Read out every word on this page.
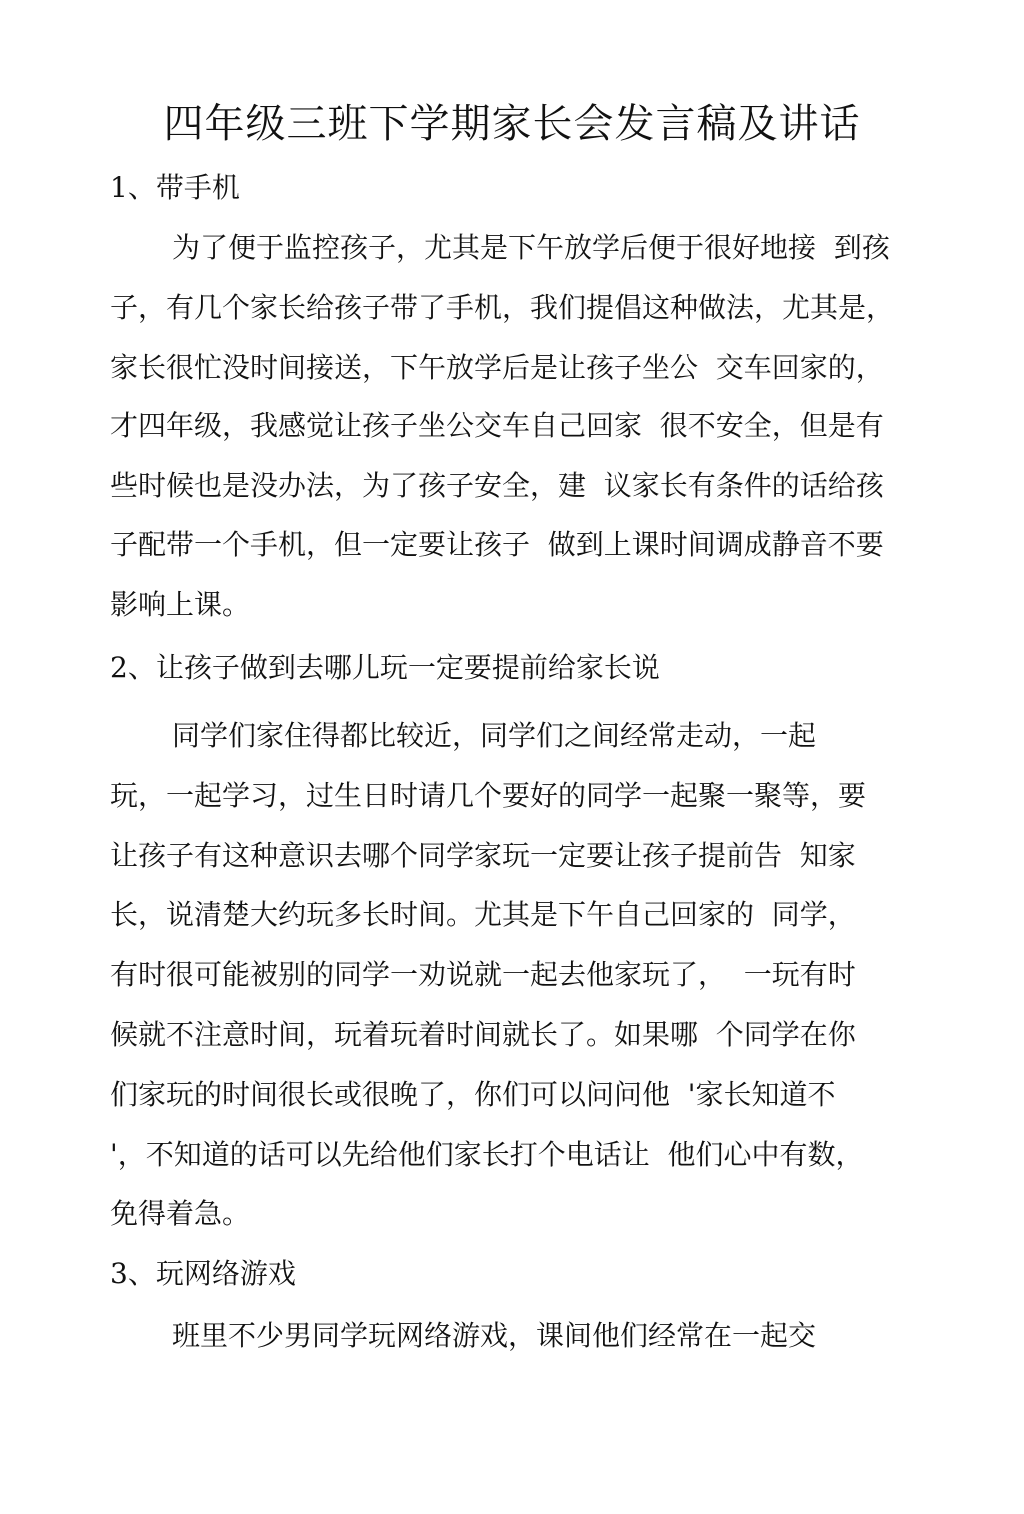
四年级三班下学期家长会发言稿及讲话
1、带手机
为了便于监控孩子，尤其是下午放学后便于很好地接  到孩
子，有几个家长给孩子带了手机，我们提倡这种做法，尤其是，
家长很忙没时间接送，下午放学后是让孩子坐公  交车回家的，
才四年级，我感觉让孩子坐公交车自己回家  很不安全，但是有
些时候也是没办法，为了孩子安全，建  议家长有条件的话给孩
子配带一个手机，但一定要让孩子  做到上课时间调成静音不要
影响上课。
2、让孩子做到去哪儿玩一定要提前给家长说
同学们家住得都比较近，同学们之间经常走动，一起
玩，一起学习，过生日时请几个要好的同学一起聚一聚等，要
让孩子有这种意识去哪个同学家玩一定要让孩子提前告  知家
长，说清楚大约玩多长时间。尤其是下午自己回家的  同学，
有时很可能被别的同学一劝说就一起去他家玩了，  一玩有时
候就不注意时间，玩着玩着时间就长了。如果哪  个同学在你
们家玩的时间很长或很晚了，你们可以问问他  '家长知道不
'，不知道的话可以先给他们家长打个电话让  他们心中有数，
免得着急。
3、玩网络游戏
班里不少男同学玩网络游戏，课间他们经常在一起交
